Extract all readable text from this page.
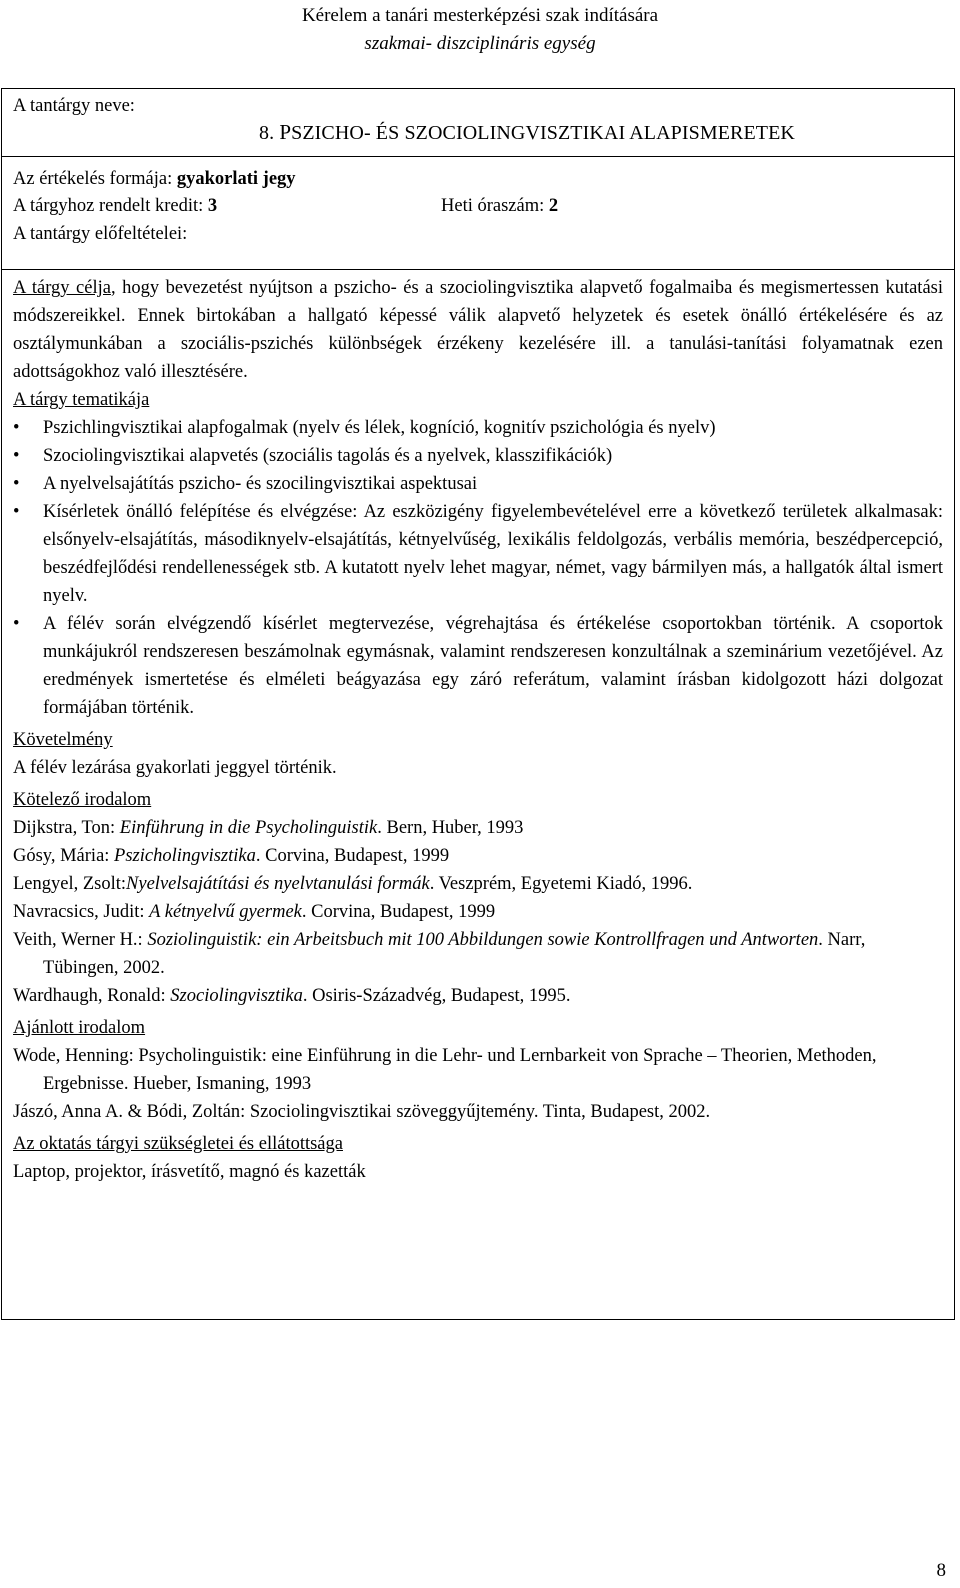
Kérelem a tanári mesterképzési szak indítására
szakmai- diszciplináris egység
A tantárgy neve:
8. PSZICHO- ÉS SZOCIOLINGVISZTIKAI ALAPISMERETEK
Az értékelés formája: gyakorlati jegy
A tárgyhoz rendelt kredit: 3	Heti óraszám: 2
A tantárgy előfeltételei:
A tárgy célja, hogy bevezetést nyújtson a pszicho- és a szociolingvisztika alapvető fogalmaiba és megismertessen kutatási módszereikkel. Ennek birtokában a hallgató képessé válik alapvető helyzetek és esetek önálló értékelésére és az osztálymunkában a szociális-pszichés különbségek érzékeny kezelésére ill. a tanulási-tanítási folyamatnak ezen adottságokhoz való illesztésére.
A tárgy tematikája
• Pszichlingvisztikai alapfogalmak (nyelv és lélek, kogníció, kognitív pszichológia és nyelv)
• Szociolingvisztikai alapvetés (szociális tagolás és a nyelvek, klasszifikációk)
• A nyelvelsajátítás pszicho- és szocilingvisztikai aspektusai
• Kísérletek önálló felépítése és elvégzése: Az eszközigény figyelembevételével erre a következő területek alkalmasak: elsőnyelv-elsajátítás, másodiknyelv-elsajátítás, kétnyelvűség, lexikális feldolgozás, verbális memória, beszédpercepció, beszédfejlődési rendellenességek stb. A kutatott nyelv lehet magyar, német, vagy bármilyen más, a hallgatók által ismert nyelv.
• A félév során elvégzendő kísérlet megtervezése, végrehajtása és értékelése csoportokban történik. A csoportok munkájukról rendszeresen beszámolnak egymásnak, valamint rendszeresen konzultálnak a szeminárium vezetőjével. Az eredmények ismertetése és elméleti beágyazása egy záró referátum, valamint írásban kidolgozott házi dolgozat formájában történik.
Követelmény
A félév lezárása gyakorlati jeggyel történik.
Kötelező irodalom
Dijkstra, Ton: Einführung in die Psycholinguistik. Bern, Huber, 1993
Gósy, Mária: Pszicholingvisztika. Corvina, Budapest, 1999
Lengyel, Zsolt:Nyelvelsajátítási és nyelvtanulási formák. Veszprém, Egyetemi Kiadó, 1996.
Navracsics, Judit: A kétnyelvű gyermek. Corvina, Budapest, 1999
Veith, Werner H.: Soziolinguistik: ein Arbeitsbuch mit 100 Abbildungen sowie Kontrollfragen und Antworten. Narr, Tübingen, 2002.
Wardhaugh, Ronald: Szociolingvisztika. Osiris-Századvég, Budapest, 1995.
Ajánlott irodalom
Wode, Henning: Psycholinguistik: eine Einführung in die Lehr- und Lernbarkeit von Sprache – Theorien, Methoden, Ergebnisse. Hueber, Ismaning, 1993
Jászó, Anna A. & Bódi, Zoltán: Szociolingvisztikai szöveggyűjtemény. Tinta, Budapest, 2002.
Az oktatás tárgyi szükségletei és ellátottsága
Laptop, projektor, írásvetítő, magnó és kazetták
8
